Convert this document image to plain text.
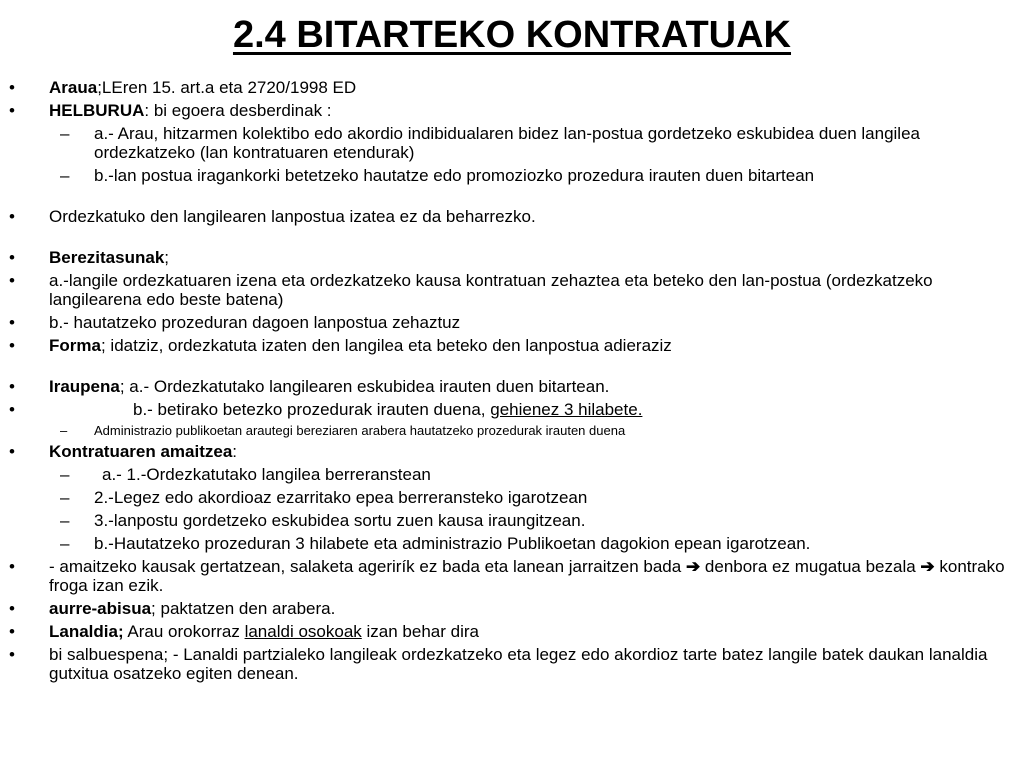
2.4 BITARTEKO KONTRATUAK
• Araua;LEren 15. art.a eta 2720/1998 ED
• HELBURUA: bi egoera desberdinak :
– a.- Arau, hitzarmen kolektibo edo akordio indibidualaren bidez lan-postua gordetzeko eskubidea duen langilea ordezkatzeko (lan kontratuaren etendurak)
– b.-lan postua iragankorki betetzeko hautatze edo promoziozko prozedura irauten duen bitartean
• Ordezkatuko den langilearen lanpostua izatea ez da beharrezko.
• Berezitasunak;
• a.-langile ordezkatuaren izena eta ordezkatzeko kausa kontratuan zehaztea eta beteko den lan-postua (ordezkatzeko langilearena edo beste batena)
• b.- hautatzeko prozeduran dagoen lanpostua zehaztuz
• Forma; idatziz, ordezkatuta izaten den langilea eta beteko den lanpostua adieraziz
• Iraupena; a.- Ordezkatutako langilearen eskubidea irauten duen bitartean.
•	b.- betirako betezko prozedurak irauten duena, gehienez 3 hilabete.
– Administrazio publikoetan arautegi bereziaren arabera hautatzeko prozedurak irauten duena
• Kontratuaren amaitzea:
– a.- 1.-Ordezkatutako langilea berreranstean
– 2.-Legez edo akordioaz ezarritako epea berreransteko igarotzean
– 3.-lanpostu gordetzeko eskubidea sortu zuen kausa iraungitzean.
– b.-Hautatzeko prozeduran 3 hilabete eta administrazio Publikoetan dagokion epean igarotzean.
• - amaitzeko kausak gertatzean, salaketa agerirík ez bada eta lanean jarraitzen bada ➔ denbora ez mugatua bezala ➔ kontrako froga izan ezik.
• aurre-abisua; paktatzen den arabera.
• Lanaldia; Arau orokorraz lanaldi osokoak izan behar dira
• bi salbuespena; - Lanaldi partzialeko langileak ordezkatzeko eta legez edo akordioz tarte batez langile batek daukan lanaldia gutxitua osatzeko egiten denean.
